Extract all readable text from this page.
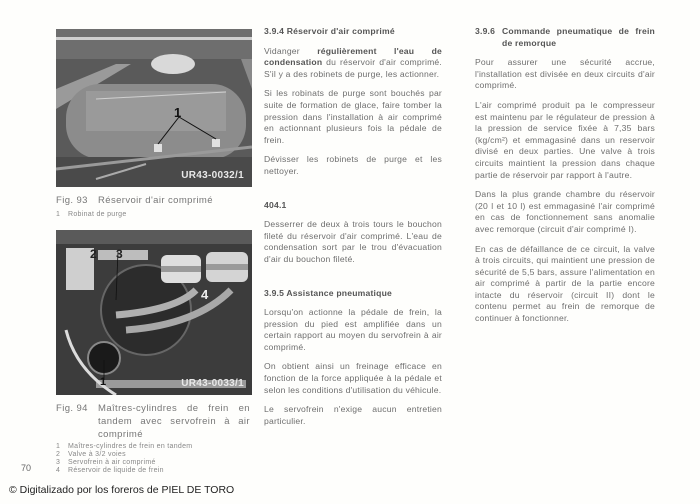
1
UR43-0032/1
Fig. 93 Réservoir d'air comprimé
1 Robinat de purge
2 3
4
1	UR43-0033/1
Fig. 94	Maîtres-cylindres de frein en tandem avec servofrein à air comprimé
1 Maîtres-cylindres de frein en tandem
2 Valve à 3/2 voies
3 Servofrein à air comprimé
4 Réservoir de liquide de frein
70
© Digitalizado por los foreros de PIEL DE TORO
3.9.4 Réservoir d'air comprimé

Vidanger régulièrement l'eau de condensation du réservoir d'air comprimé. S'il y a des robinets de purge, les actionner.

Si les robinats de purge sont bouchés par suite de formation de glace, faire tomber la pression dans l'installation à air comprimé en actionnant plusieurs fois la pédale de frein.

Dévisser les robinets de purge et les nettoyer.

404.1

Desserrer de deux à trois tours le bouchon fileté du réservoir d'air comprimé. L'eau de condensation sort par le trou d'évacuation d'air du bouchon fileté.

3.9.5 Assistance pneumatique

Lorsqu'on actionne la pédale de frein, la pression du pied est amplifiée dans un certain rapport au moyen du servofrein à air comprimé.

On obtient ainsi un freinage efficace en fonction de la force appliquée à la pédale et selon les conditions d'utilisation du véhicule.

Le servofrein n'exige aucun entretien particulier.

3.9.6 Commande pneumatique de frein de remorque

Pour assurer une sécurité accrue, l'installation est divisée en deux circuits d'air comprimé.

L'air comprimé produit pa le compresseur est maintenu par le régulateur de pression à la pression de service fixée à 7,35 bars (kg/cm²) et emmagasiné dans un reservoir divisé en deux parties. Une valve à trois circuits maintient la pression dans chaque partie de réservoir par rapport à l'autre.

Dans la plus grande chambre du réservoir (20 l et 10 l) est emmagasiné l'air comprimé en cas de fonctionnement sans anomalie avec remorque (circuit d'air comprimé I).

En cas de défaillance de ce circuit, la valve à trois circuits, qui maintient une pression de sécurité de 5,5 bars, assure l'alimentation en air comprimé à partir de la partie encore intacte du réservoir (circuit II) dont le contenu permet au frein de remorque de continuer à fonctionner.
